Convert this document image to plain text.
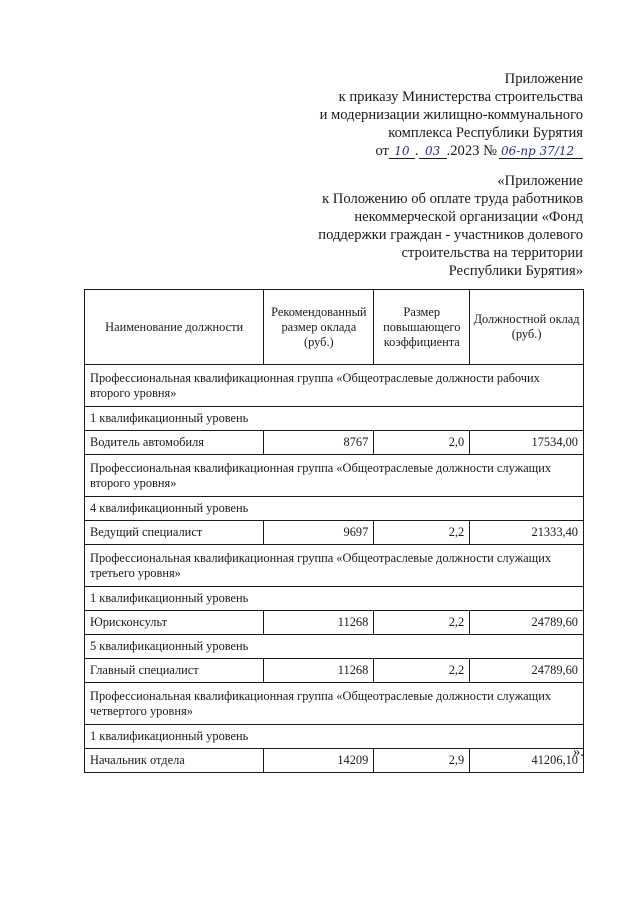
Приложение
к приказу Министерства строительства
и модернизации жилищно-коммунального
комплекса Республики Бурятия
от 10 . 03 .2023 № 06-пр 37/12
«Приложение
к Положению об оплате труда работников
некоммерческой организации «Фонд
поддержки граждан - участников долевого
строительства на территории
Республики Бурятия»
Наименование должности	Рекомендованный размер оклада (руб.)	Размер повышающего коэффициента	Должностной оклад (руб.)
Профессиональная квалификационная группа «Общеотраслевые должности рабочих второго уровня»			
1 квалификационный уровень			
Водитель автомобиля	8767	2,0	17534,00
Профессиональная квалификационная группа «Общеотраслевые должности служащих второго уровня»			
4 квалификационный уровень			
Ведущий специалист	9697	2,2	21333,40
Профессиональная квалификационная группа «Общеотраслевые должности служащих третьего уровня»			
1 квалификационный уровень			
Юрисконсульт	11268	2,2	24789,60
5 квалификационный уровень			
Главный специалист	11268	2,2	24789,60
Профессиональная квалификационная группа «Общеотраслевые должности служащих четвертого уровня»			
1 квалификационный уровень			
Начальник отдела	14209	2,9	41206,10
».
